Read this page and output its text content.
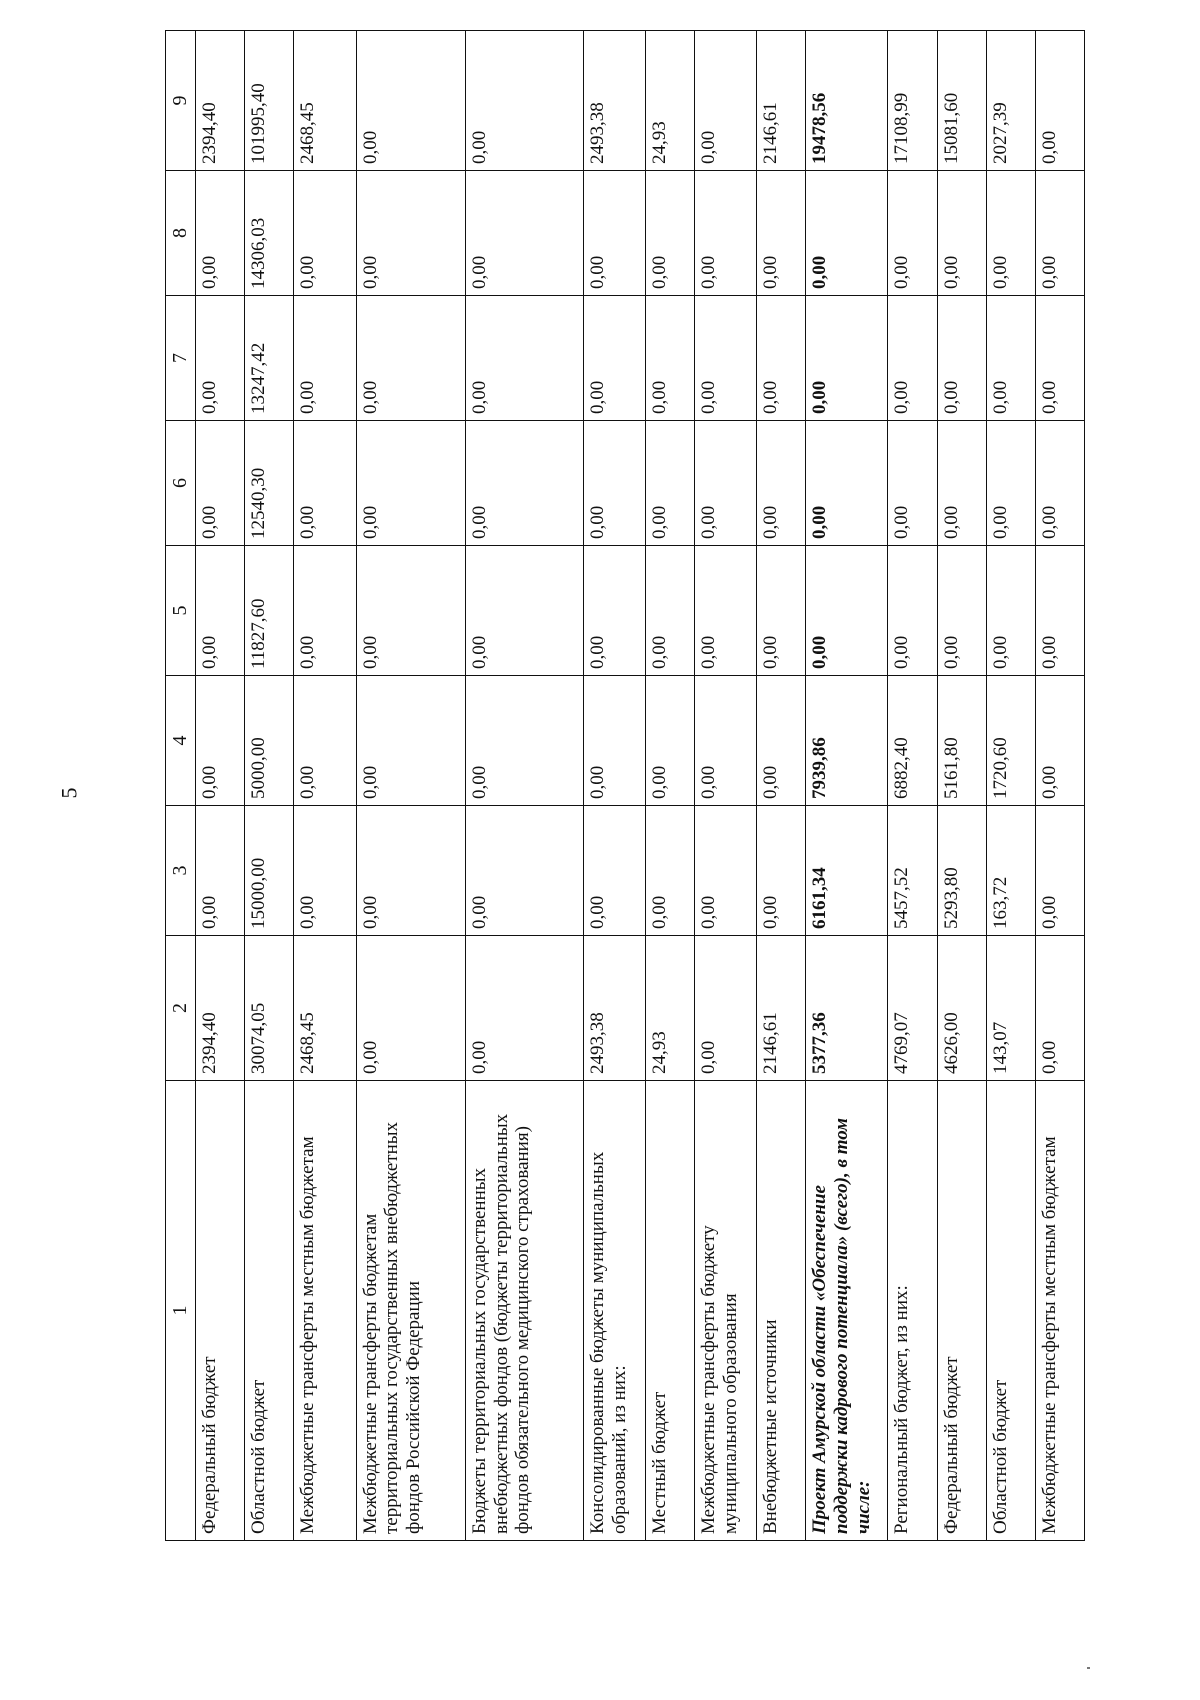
5
1	2	3	4	5	6	7	8	9
Федеральный бюджет	2394,40	0,00	0,00	0,00	0,00	0,00	0,00	2394,40
Областной бюджет	30074,05	15000,00	5000,00	11827,60	12540,30	13247,42	14306,03	101995,40
Межбюджетные трансферты местным бюджетам	2468,45	0,00	0,00	0,00	0,00	0,00	0,00	2468,45
Межбюджетные трансферты бюджетам территориальных государственных внебюджетных фондов Российской Федерации	0,00	0,00	0,00	0,00	0,00	0,00	0,00	0,00
Бюджеты территориальных государственных внебюджетных фондов (бюджеты территориальных фондов обязательного медицинского страхования)	0,00	0,00	0,00	0,00	0,00	0,00	0,00	0,00
Консолидированные бюджеты муниципальных образований, из них:	2493,38	0,00	0,00	0,00	0,00	0,00	0,00	2493,38
Местный бюджет	24,93	0,00	0,00	0,00	0,00	0,00	0,00	24,93
Межбюджетные трансферты бюджету муниципального образования	0,00	0,00	0,00	0,00	0,00	0,00	0,00	0,00
Внебюджетные источники	2146,61	0,00	0,00	0,00	0,00	0,00	0,00	2146,61
Проект Амурской области «Обеспечение поддержки кадрового потенциала» (всего), в том числе:	5377,36	6161,34	7939,86	0,00	0,00	0,00	0,00	19478,56
Региональный бюджет, из них:	4769,07	5457,52	6882,40	0,00	0,00	0,00	0,00	17108,99
Федеральный бюджет	4626,00	5293,80	5161,80	0,00	0,00	0,00	0,00	15081,60
Областной бюджет	143,07	163,72	1720,60	0,00	0,00	0,00	0,00	2027,39
Межбюджетные трансферты местным бюджетам	0,00	0,00	0,00	0,00	0,00	0,00	0,00	0,00
